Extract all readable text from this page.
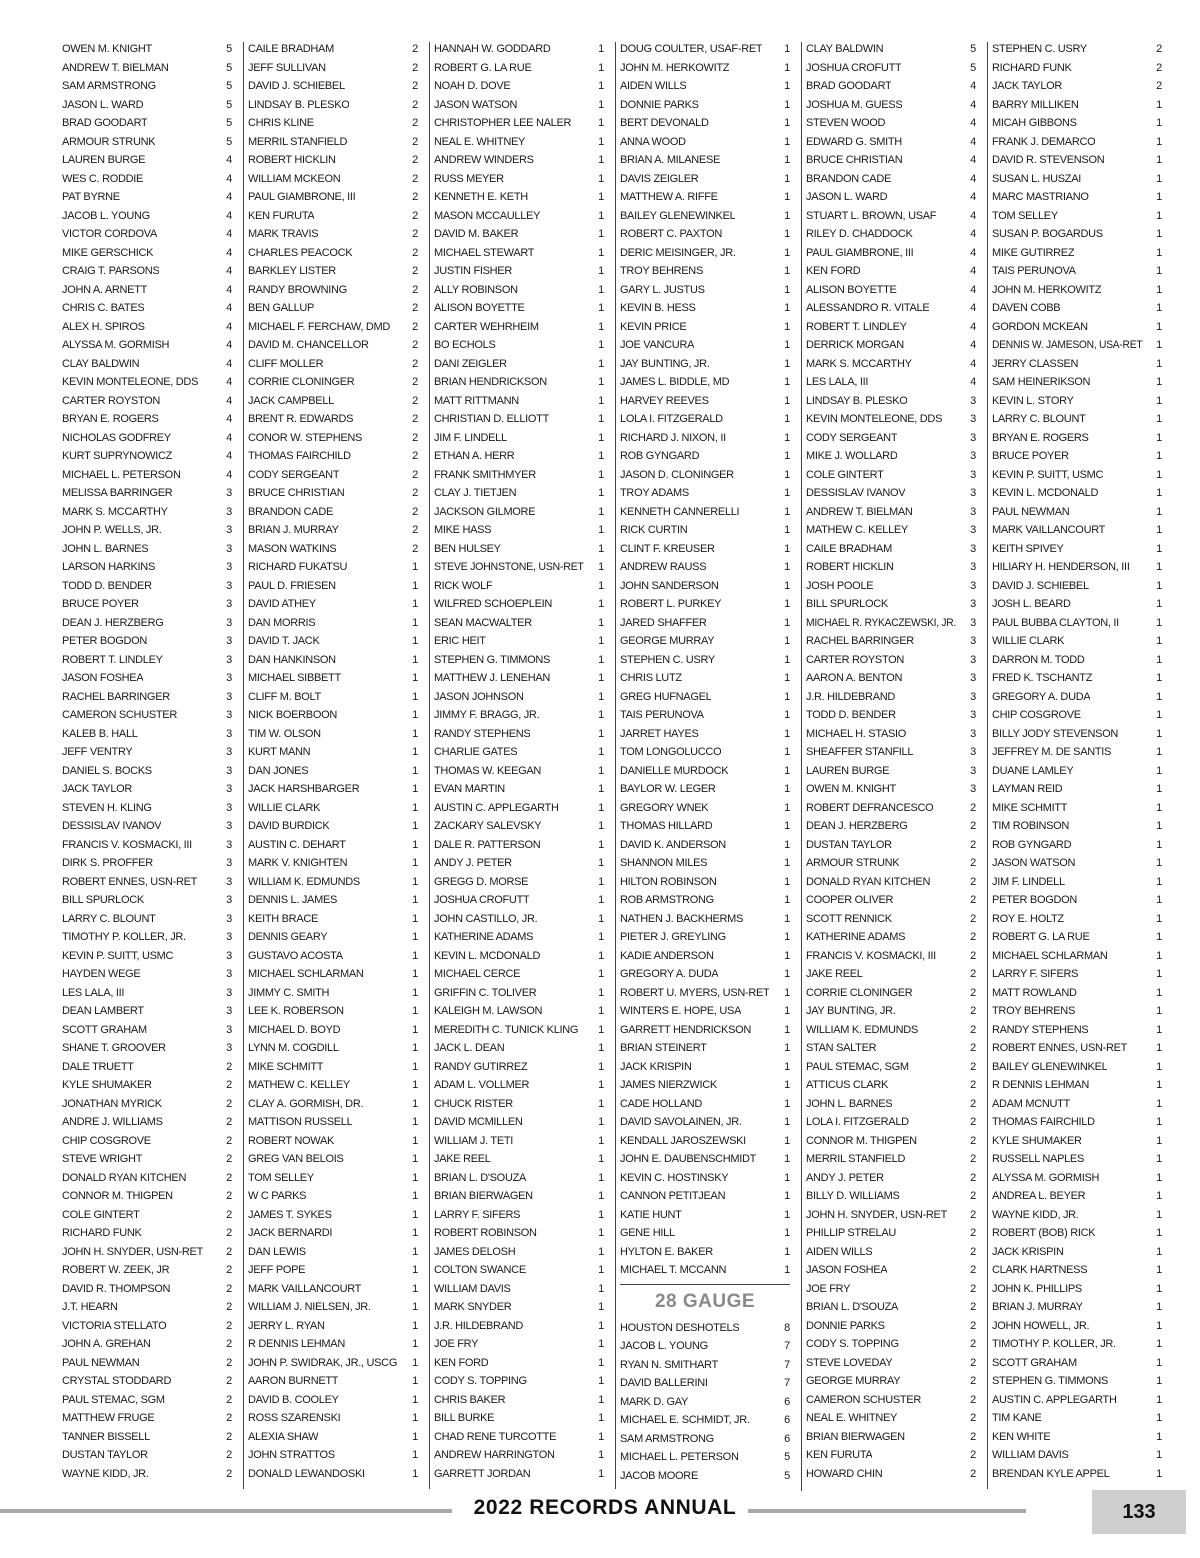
OWEN M. KNIGHT	5
ANDREW T. BIELMAN	5
SAM ARMSTRONG	5
JASON L. WARD	5
BRAD GOODART	5
ARMOUR STRUNK	5
LAUREN BURGE	4
WES C. RODDIE	4
PAT BYRNE	4
JACOB L. YOUNG	4
VICTOR CORDOVA	4
MIKE GERSCHICK	4
CRAIG T. PARSONS	4
JOHN A. ARNETT	4
CHRIS C. BATES	4
ALEX H. SPIROS	4
ALYSSA M. GORMISH	4
CLAY BALDWIN	4
KEVIN MONTELEONE, DDS	4
CARTER ROYSTON	4
BRYAN E. ROGERS	4
NICHOLAS GODFREY	4
KURT SUPRYNOWICZ	4
MICHAEL L. PETERSON	4
MELISSA BARRINGER	3
MARK S. MCCARTHY	3
JOHN P. WELLS, JR.	3
JOHN L. BARNES	3
LARSON HARKINS	3
TODD D. BENDER	3
BRUCE POYER	3
DEAN J. HERZBERG	3
PETER BOGDON	3
ROBERT T. LINDLEY	3
JASON FOSHEA	3
RACHEL BARRINGER	3
CAMERON SCHUSTER	3
KALEB B. HALL	3
JEFF VENTRY	3
DANIEL S. BOCKS	3
JACK TAYLOR	3
STEVEN H. KLING	3
DESSISLAV IVANOV	3
FRANCIS V. KOSMACKI, III	3
DIRK S. PROFFER	3
ROBERT ENNES, USN-RET	3
BILL SPURLOCK	3
LARRY C. BLOUNT	3
TIMOTHY P. KOLLER, JR.	3
KEVIN P. SUITT, USMC	3
HAYDEN WEGE	3
LES LALA, III	3
DEAN LAMBERT	3
SCOTT GRAHAM	3
SHANE T. GROOVER	3
DALE TRUETT	2
KYLE SHUMAKER	2
JONATHAN MYRICK	2
ANDRE J. WILLIAMS	2
CHIP COSGROVE	2
STEVE WRIGHT	2
DONALD RYAN KITCHEN	2
CONNOR M. THIGPEN	2
COLE GINTERT	2
RICHARD FUNK	2
JOHN H. SNYDER, USN-RET	2
ROBERT W. ZEEK, JR	2
DAVID R. THOMPSON	2
J.T. HEARN	2
VICTORIA STELLATO	2
JOHN A. GREHAN	2
PAUL NEWMAN	2
CRYSTAL STODDARD	2
PAUL STEMAC, SGM	2
MATTHEW FRUGE	2
TANNER BISSELL	2
DUSTAN TAYLOR	2
WAYNE KIDD, JR.	2
CAILE BRADHAM	2
JEFF SULLIVAN	2
DAVID J. SCHIEBEL	2
LINDSAY B. PLESKO	2
CHRIS KLINE	2
MERRIL STANFIELD	2
ROBERT HICKLIN	2
WILLIAM MCKEON	2
PAUL GIAMBRONE, III	2
KEN FURUTA	2
MARK TRAVIS	2
CHARLES PEACOCK	2
BARKLEY LISTER	2
RANDY BROWNING	2
BEN GALLUP	2
MICHAEL F. FERCHAW, DMD	2
DAVID M. CHANCELLOR	2
CLIFF MOLLER	2
CORRIE CLONINGER	2
JACK CAMPBELL	2
BRENT R. EDWARDS	2
CONOR W. STEPHENS	2
THOMAS FAIRCHILD	2
CODY SERGEANT	2
BRUCE CHRISTIAN	2
BRANDON CADE	2
BRIAN J. MURRAY	2
MASON WATKINS	2
RICHARD FUKATSU	1
PAUL D. FRIESEN	1
DAVID ATHEY	1
DAN MORRIS	1
DAVID T. JACK	1
DAN HANKINSON	1
MICHAEL SIBBETT	1
CLIFF M. BOLT	1
NICK BOERBOON	1
TIM W. OLSON	1
KURT MANN	1
DAN JONES	1
JACK HARSHBARGER	1
WILLIE CLARK	1
DAVID BURDICK	1
AUSTIN C. DEHART	1
MARK V. KNIGHTEN	1
WILLIAM K. EDMUNDS	1
DENNIS L. JAMES	1
KEITH BRACE	1
DENNIS GEARY	1
GUSTAVO ACOSTA	1
MICHAEL SCHLARMAN	1
JIMMY C. SMITH	1
LEE K. ROBERSON	1
MICHAEL D. BOYD	1
LYNN M. COGDILL	1
MIKE SCHMITT	1
MATHEW C. KELLEY	1
CLAY A. GORMISH, DR.	1
MATTISON RUSSELL	1
ROBERT NOWAK	1
GREG VAN BELOIS	1
TOM SELLEY	1
W C PARKS	1
JAMES T. SYKES	1
JACK BERNARDI	1
DAN LEWIS	1
JEFF POPE	1
MARK VAILLANCOURT	1
WILLIAM J. NIELSEN, JR.	1
JERRY L. RYAN	1
R DENNIS LEHMAN	1
JOHN P. SWIDRAK, JR., USCG	1
AARON BURNETT	1
DAVID B. COOLEY	1
ROSS SZARENSKI	1
ALEXIA SHAW	1
JOHN STRATTOS	1
DONALD LEWANDOSKI	1
HANNAH W. GODDARD	1
ROBERT G. LA RUE	1
NOAH D. DOVE	1
JASON WATSON	1
CHRISTOPHER LEE NALER	1
NEAL E. WHITNEY	1
ANDREW WINDERS	1
RUSS MEYER	1
KENNETH E. KETH	1
MASON MCCAULLEY	1
DAVID M. BAKER	1
MICHAEL STEWART	1
JUSTIN FISHER	1
ALLY ROBINSON	1
ALISON BOYETTE	1
CARTER WEHRHEIM	1
BO ECHOLS	1
DANI ZEIGLER	1
BRIAN HENDRICKSON	1
MATT RITTMANN	1
CHRISTIAN D. ELLIOTT	1
JIM F. LINDELL	1
ETHAN A. HERR	1
FRANK SMITHMYER	1
CLAY J. TIETJEN	1
JACKSON GILMORE	1
MIKE HASS	1
BEN HULSEY	1
STEVE JOHNSTONE, USN-RET	1
RICK WOLF	1
WILFRED SCHOEPLEIN	1
SEAN MACWALTER	1
ERIC HEIT	1
STEPHEN G. TIMMONS	1
MATTHEW J. LENEHAN	1
JASON JOHNSON	1
JIMMY F. BRAGG, JR.	1
RANDY STEPHENS	1
CHARLIE GATES	1
THOMAS W. KEEGAN	1
EVAN MARTIN	1
AUSTIN C. APPLEGARTH	1
ZACKARY SALEVSKY	1
DALE R. PATTERSON	1
ANDY J. PETER	1
GREGG D. MORSE	1
JOSHUA CROFUTT	1
JOHN CASTILLO, JR.	1
KATHERINE ADAMS	1
KEVIN L. MCDONALD	1
MICHAEL CERCE	1
GRIFFIN C. TOLIVER	1
KALEIGH M. LAWSON	1
MEREDITH C. TUNICK KLING	1
JACK L. DEAN	1
RANDY GUTIRREZ	1
ADAM L. VOLLMER	1
CHUCK RISTER	1
DAVID MCMILLEN	1
WILLIAM J. TETI	1
JAKE REEL	1
BRIAN L. D'SOUZA	1
BRIAN BIERWAGEN	1
LARRY F. SIFERS	1
ROBERT ROBINSON	1
JAMES DELOSH	1
COLTON SWANCE	1
WILLIAM DAVIS	1
MARK SNYDER	1
J.R. HILDEBRAND	1
JOE FRY	1
KEN FORD	1
CODY S. TOPPING	1
CHRIS BAKER	1
BILL BURKE	1
CHAD RENE TURCOTTE	1
ANDREW HARRINGTON	1
GARRETT JORDAN	1
DOUG COULTER, USAF-RET	1
JOHN M. HERKOWITZ	1
AIDEN WILLS	1
DONNIE PARKS	1
BERT DEVONALD	1
ANNA WOOD	1
BRIAN A. MILANESE	1
DAVIS ZEIGLER	1
MATTHEW A. RIFFE	1
BAILEY GLENEWINKEL	1
ROBERT C. PAXTON	1
DERIC MEISINGER, JR.	1
TROY BEHRENS	1
GARY L. JUSTUS	1
KEVIN B. HESS	1
KEVIN PRICE	1
JOE VANCURA	1
JAY BUNTING, JR.	1
JAMES L. BIDDLE, MD	1
HARVEY REEVES	1
LOLA I. FITZGERALD	1
RICHARD J. NIXON, II	1
ROB GYNGARD	1
JASON D. CLONINGER	1
TROY ADAMS	1
KENNETH CANNERELLI	1
RICK CURTIN	1
CLINT F. KREUSER	1
ANDREW RAUSS	1
JOHN SANDERSON	1
ROBERT L. PURKEY	1
JARED SHAFFER	1
GEORGE MURRAY	1
STEPHEN C. USRY	1
CHRIS LUTZ	1
GREG HUFNAGEL	1
TAIS PERUNOVA	1
JARRET HAYES	1
TOM LONGOLUCCO	1
DANIELLE MURDOCK	1
BAYLOR W. LEGER	1
GREGORY WNEK	1
THOMAS HILLARD	1
DAVID K. ANDERSON	1
SHANNON MILES	1
HILTON ROBINSON	1
ROB ARMSTRONG	1
NATHEN J. BACKHERMS	1
PIETER J. GREYLING	1
KADIE ANDERSON	1
GREGORY A. DUDA	1
ROBERT U. MYERS, USN-RET	1
WINTERS E. HOPE, USA	1
GARRETT HENDRICKSON	1
BRIAN STEINERT	1
JACK KRISPIN	1
JAMES NIERZWICK	1
CADE HOLLAND	1
DAVID SAVOLAINEN, JR.	1
KENDALL JAROSZEWSKI	1
JOHN E. DAUBENSCHMIDT	1
KEVIN C. HOSTINSKY	1
CANNON PETITJEAN	1
KATIE HUNT	1
GENE HILL	1
HYLTON E. BAKER	1
MICHAEL T. MCCANN	1
28 GAUGE
HOUSTON DESHOTELS	8
JACOB L. YOUNG	7
RYAN N. SMITHART	7
DAVID BALLERINI	7
MARK D. GAY	6
MICHAEL E. SCHMIDT, JR.	6
SAM ARMSTRONG	6
MICHAEL L. PETERSON	5
JACOB MOORE	5
CLAY BALDWIN	5
JOSHUA CROFUTT	5
BRAD GOODART	4
JOSHUA M. GUESS	4
STEVEN WOOD	4
EDWARD G. SMITH	4
BRUCE CHRISTIAN	4
BRANDON CADE	4
JASON L. WARD	4
STUART L. BROWN, USAF	4
RILEY D. CHADDOCK	4
PAUL GIAMBRONE, III	4
KEN FORD	4
ALISON BOYETTE	4
ALESSANDRO R. VITALE	4
ROBERT T. LINDLEY	4
DERRICK MORGAN	4
MARK S. MCCARTHY	4
LES LALA, III	4
LINDSAY B. PLESKO	3
KEVIN MONTELEONE, DDS	3
CODY SERGEANT	3
MIKE J. WOLLARD	3
COLE GINTERT	3
DESSISLAV IVANOV	3
ANDREW T. BIELMAN	3
MATHEW C. KELLEY	3
CAILE BRADHAM	3
ROBERT HICKLIN	3
JOSH POOLE	3
BILL SPURLOCK	3
MICHAEL R. RYKACZEWSKI, JR.	3
RACHEL BARRINGER	3
CARTER ROYSTON	3
AARON A. BENTON	3
J.R. HILDEBRAND	3
TODD D. BENDER	3
MICHAEL H. STASIO	3
SHEAFFER STANFILL	3
LAUREN BURGE	3
OWEN M. KNIGHT	3
ROBERT DEFRANCESCO	2
DEAN J. HERZBERG	2
DUSTAN TAYLOR	2
ARMOUR STRUNK	2
DONALD RYAN KITCHEN	2
COOPER OLIVER	2
SCOTT RENNICK	2
KATHERINE ADAMS	2
FRANCIS V. KOSMACKI, III	2
JAKE REEL	2
CORRIE CLONINGER	2
JAY BUNTING, JR.	2
WILLIAM K. EDMUNDS	2
STAN SALTER	2
PAUL STEMAC, SGM	2
ATTICUS CLARK	2
JOHN L. BARNES	2
LOLA I. FITZGERALD	2
CONNOR M. THIGPEN	2
MERRIL STANFIELD	2
ANDY J. PETER	2
BILLY D. WILLIAMS	2
JOHN H. SNYDER, USN-RET	2
PHILLIP STRELAU	2
AIDEN WILLS	2
JASON FOSHEA	2
JOE FRY	2
BRIAN L. D'SOUZA	2
DONNIE PARKS	2
CODY S. TOPPING	2
STEVE LOVEDAY	2
GEORGE MURRAY	2
CAMERON SCHUSTER	2
NEAL E. WHITNEY	2
BRIAN BIERWAGEN	2
KEN FURUTA	2
HOWARD CHIN	2
STEPHEN C. USRY	2
RICHARD FUNK	2
JACK TAYLOR	2
BARRY MILLIKEN	1
MICAH GIBBONS	1
FRANK J. DEMARCO	1
DAVID R. STEVENSON	1
SUSAN L. HUSZAI	1
MARC MASTRIANO	1
TOM SELLEY	1
SUSAN P. BOGARDUS	1
MIKE GUTIRREZ	1
TAIS PERUNOVA	1
JOHN M. HERKOWITZ	1
DAVEN COBB	1
GORDON MCKEAN	1
DENNIS W. JAMESON, USA-RET	1
JERRY CLASSEN	1
SAM HEINERIKSON	1
KEVIN L. STORY	1
LARRY C. BLOUNT	1
BRYAN E. ROGERS	1
BRUCE POYER	1
KEVIN P. SUITT, USMC	1
KEVIN L. MCDONALD	1
PAUL NEWMAN	1
MARK VAILLANCOURT	1
KEITH SPIVEY	1
HILIARY H. HENDERSON, III	1
DAVID J. SCHIEBEL	1
JOSH L. BEARD	1
PAUL BUBBA CLAYTON, II	1
WILLIE CLARK	1
DARRON M. TODD	1
FRED K. TSCHANTZ	1
GREGORY A. DUDA	1
CHIP COSGROVE	1
BILLY JODY STEVENSON	1
JEFFREY M. DE SANTIS	1
DUANE LAMLEY	1
LAYMAN REID	1
MIKE SCHMITT	1
TIM ROBINSON	1
ROB GYNGARD	1
JASON WATSON	1
JIM F. LINDELL	1
PETER BOGDON	1
ROY E. HOLTZ	1
ROBERT G. LA RUE	1
MICHAEL SCHLARMAN	1
LARRY F. SIFERS	1
MATT ROWLAND	1
TROY BEHRENS	1
RANDY STEPHENS	1
ROBERT ENNES, USN-RET	1
BAILEY GLENEWINKEL	1
R DENNIS LEHMAN	1
ADAM MCNUTT	1
THOMAS FAIRCHILD	1
KYLE SHUMAKER	1
RUSSELL NAPLES	1
ALYSSA M. GORMISH	1
ANDREA L. BEYER	1
WAYNE KIDD, JR.	1
ROBERT (BOB) RICK	1
JACK KRISPIN	1
CLARK HARTNESS	1
JOHN K. PHILLIPS	1
BRIAN J. MURRAY	1
JOHN HOWELL, JR.	1
TIMOTHY P. KOLLER, JR.	1
SCOTT GRAHAM	1
STEPHEN G. TIMMONS	1
AUSTIN C. APPLEGARTH	1
TIM KANE	1
KEN WHITE	1
WILLIAM DAVIS	1
BRENDAN KYLE APPEL	1
2022 RECORDS ANNUAL	133
